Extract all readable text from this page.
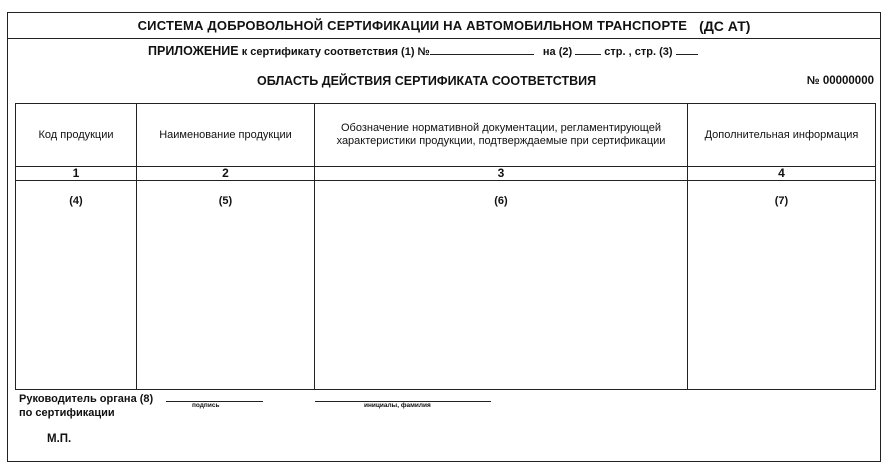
СИСТЕМА ДОБРОВОЛЬНОЙ СЕРТИФИКАЦИИ НА АВТОМОБИЛЬНОМ ТРАНСПОРТЕ (ДС АТ)
ПРИЛОЖЕНИЕ к сертификату соответствия (1) №	на (2)	стр. , стр. (3)
ОБЛАСТЬ ДЕЙСТВИЯ СЕРТИФИКАТА СООТВЕТСТВИЯ	№ 00000000
Код продукции	Наименование продукции	Обозначение нормативной документации, регламентирующей характеристики продукции, подтверждаемые при сертификации	Дополнительная информация
1	2	3	4
(4)	(5)	(6)	(7)
Руководитель органа (8)
по сертификации
подпись	инициалы, фамилия
М.П.
